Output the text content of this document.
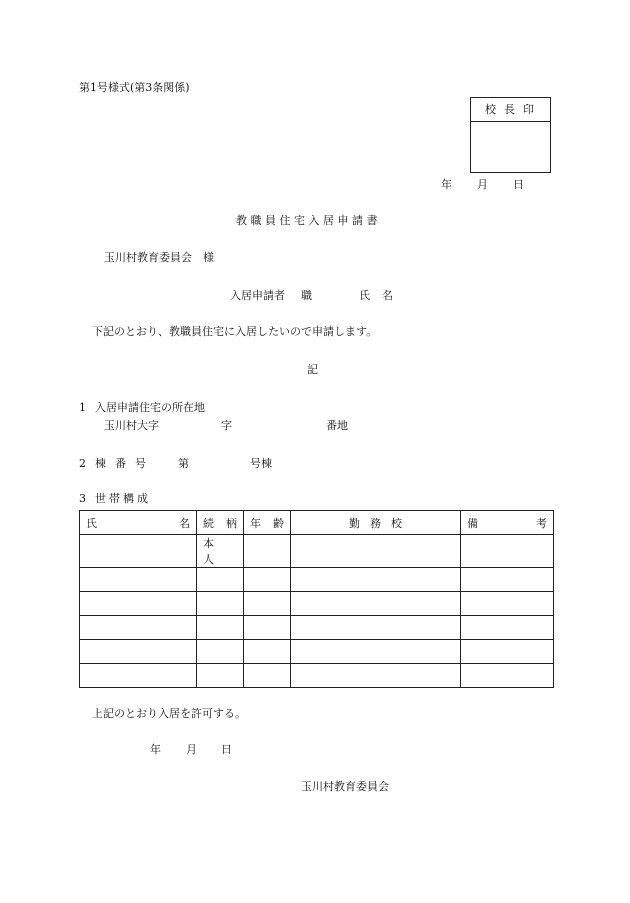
第1号様式(第3条関係)
校長印
年 月 日
教職員住宅入居申請書
玉川村教育委員会　様
入居申請者 職	氏名
下記のとおり、教職員住宅に入居したいので申請します。
記
1 入居申請住宅の所在地
玉川村大字	字	番地
2 棟番号 第	号棟
3 世帯構成
氏 名	続 柄	年 齢	勤務校	備 考

	本人			

上記のとおり入居を許可する。
年 月 日
玉川村教育委員会
